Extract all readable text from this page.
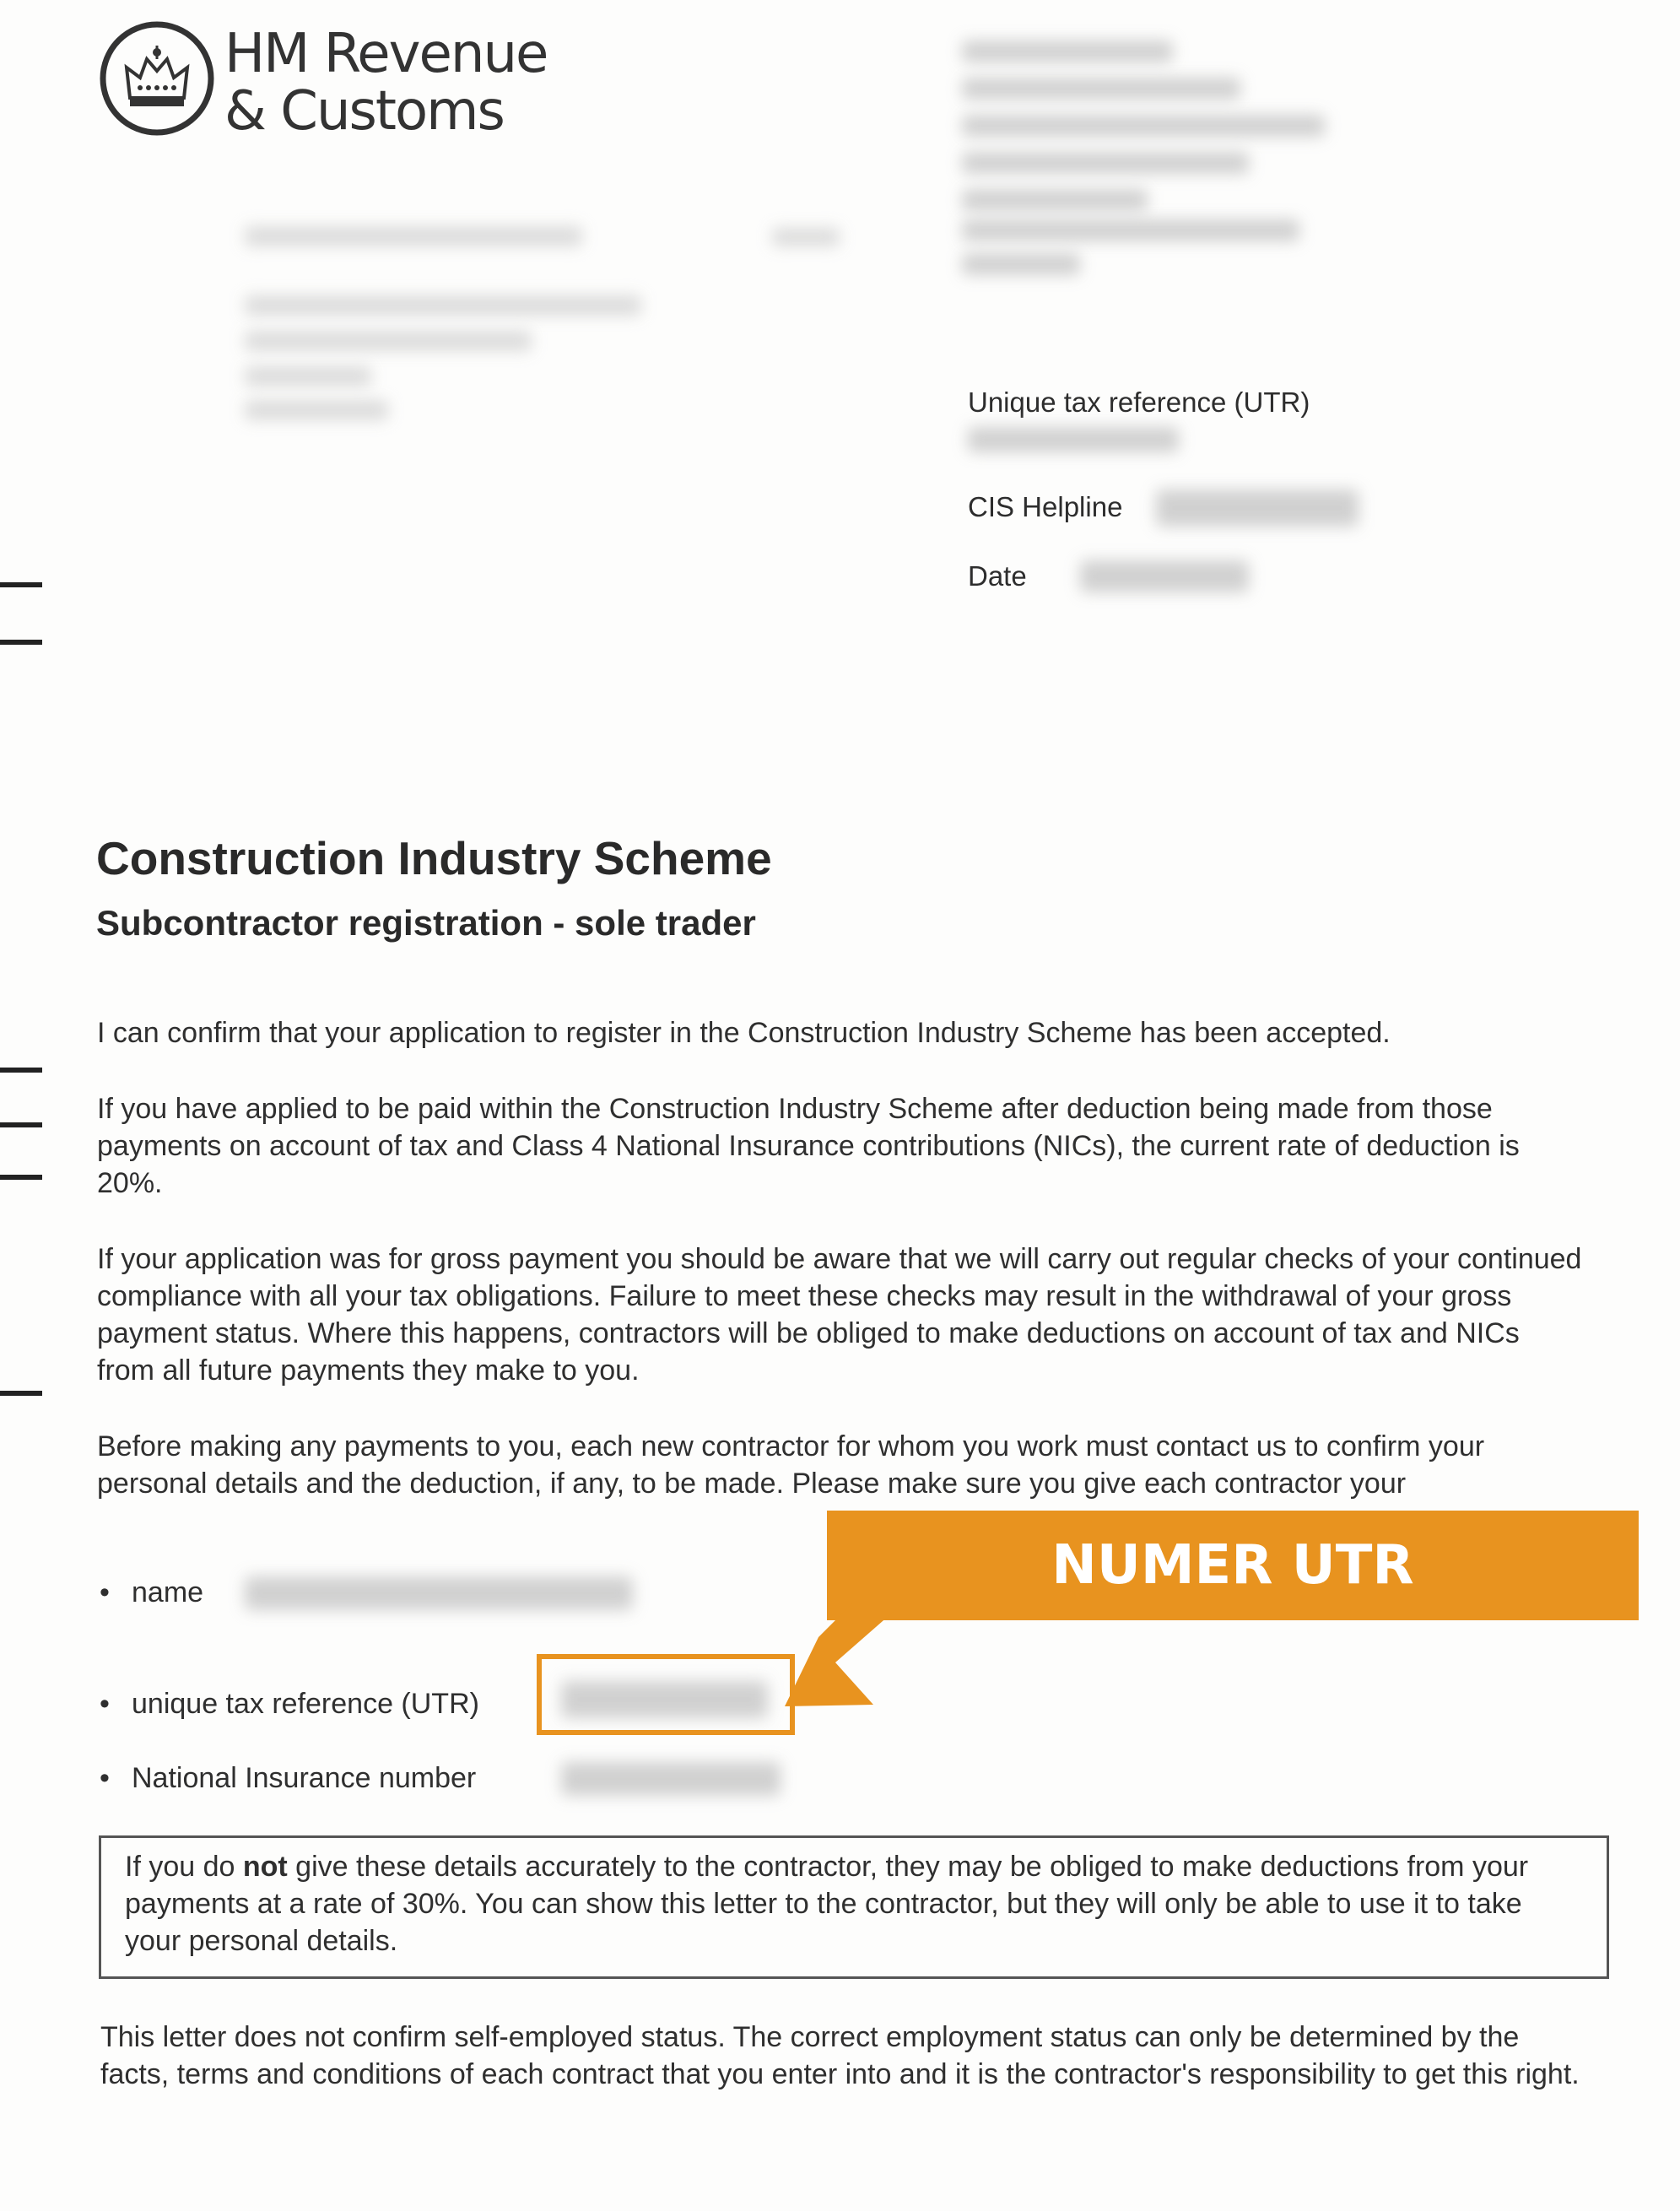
HM Revenue
& Customs
Unique tax reference (UTR)
CIS Helpline
Date
Construction Industry Scheme
Subcontractor registration - sole trader
I can confirm that your application to register in the Construction Industry Scheme has been accepted.
If you have applied to be paid within the Construction Industry Scheme after deduction being made from those payments on account of tax and Class 4 National Insurance contributions (NICs), the current rate of deduction is 20%.
If your application was for gross payment you should be aware that we will carry out regular checks of your continued compliance with all your tax obligations. Failure to meet these checks may result in the withdrawal of your gross payment status. Where this happens, contractors will be obliged to make deductions on account of tax and NICs from all future payments they make to you.
Before making any payments to you, each new contractor for whom you work must contact us to confirm your personal details and the deduction, if any, to be made. Please make sure you give each contractor your
• name
• unique tax reference (UTR)
• National Insurance number
If you do not give these details accurately to the contractor, they may be obliged to make deductions from your payments at a rate of 30%. You can show this letter to the contractor, but they will only be able to use it to take your personal details.
This letter does not confirm self-employed status. The correct employment status can only be determined by the facts, terms and conditions of each contract that you enter into and it is the contractor's responsibility to get this right.
NUMER UTR
